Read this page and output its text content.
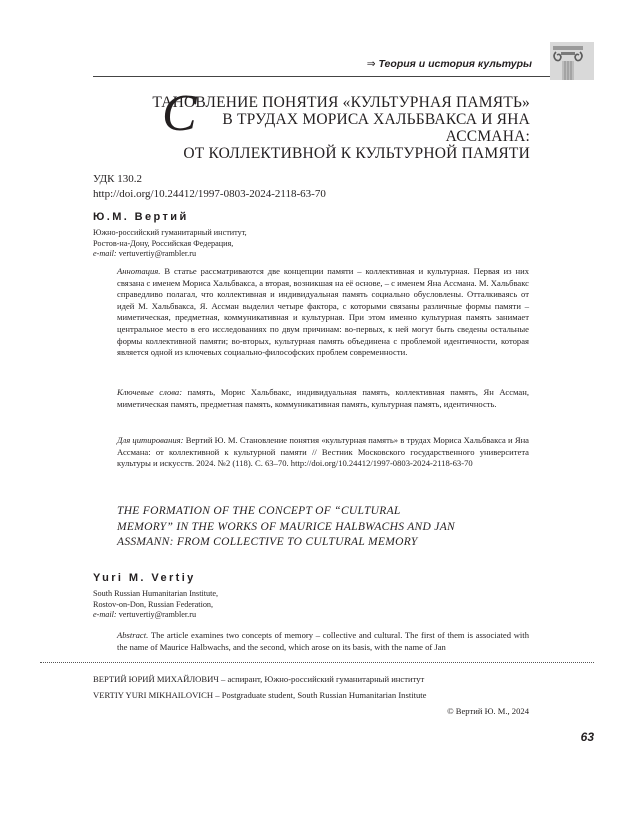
⇒ Теория и история культуры
С
ТАНОВЛЕНИЕ ПОНЯТИЯ «КУЛЬТУРНАЯ ПАМЯТЬ»
В ТРУДАХ МОРИСА ХАЛЬБВАКСА И ЯНА АССМАНА:
ОТ КОЛЛЕКТИВНОЙ К КУЛЬТУРНОЙ ПАМЯТИ
УДК 130.2
http://doi.org/10.24412/1997-0803-2024-2118-63-70
Ю.М. Вертий
Южно-российский гуманитарный институт,
Ростов-на-Дону, Российская Федерация,
e-mail: vertuvertiy@rambler.ru
Аннотация. В статье рассматриваются две концепции памяти – коллективная и культурная. Первая из них связана с именем Мориса Хальбвакса, а вторая, возникшая на её основе, – с именем Яна Ассмана. М. Хальбвакс справедливо полагал, что коллективная и индивидуальная память социально обусловлены. Отталкиваясь от идей М. Хальбвакса, Я. Ассман выделил четыре фактора, с которыми связаны различные формы памяти – миметическая, предметная, коммуникативная и культурная. При этом именно культурная память занимает центральное место в его исследованиях по двум причинам: во-первых, к ней могут быть сведены остальные формы коллективной памяти; во-вторых, культурная память объединена с проблемой идентичности, которая является одной из ключевых социально-философских проблем современности.
Ключевые слова: память, Морис Хальбвакс, индивидуальная память, коллективная память, Ян Ассман, миметическая память, предметная память, коммуникативная память, культурная память, идентичность.
Для цитирования: Вертий Ю. М. Становление понятия «культурная память» в трудах Мориса Хальбвакса и Яна Ассмана: от коллективной к культурной памяти // Вестник Московского государственного университета культуры и искусств. 2024. №2 (118). С. 63–70. http://doi.org/10.24412/1997-0803-2024-2118-63-70
THE FORMATION OF THE CONCEPT OF “CULTURAL
MEMORY” IN THE WORKS OF MAURICE HALBWACHS AND JAN
ASSMANN: FROM COLLECTIVE TO CULTURAL MEMORY
Yuri M. Vertiy
South Russian Humanitarian Institute,
Rostov-on-Don, Russian Federation,
e-mail: vertuvertiy@rambler.ru
Abstract. The article examines two concepts of memory – collective and cultural. The first of them is associated with the name of Maurice Halbwachs, and the second, which arose on its basis, with the name of Jan
ВЕРТИЙ ЮРИЙ МИХАЙЛОВИЧ – аспирант, Южно-российский гуманитарный институт
VERTIY YURI MIKHAILOVICH – Postgraduate student, South Russian Humanitarian Institute
© Вертий Ю. М., 2024
63
